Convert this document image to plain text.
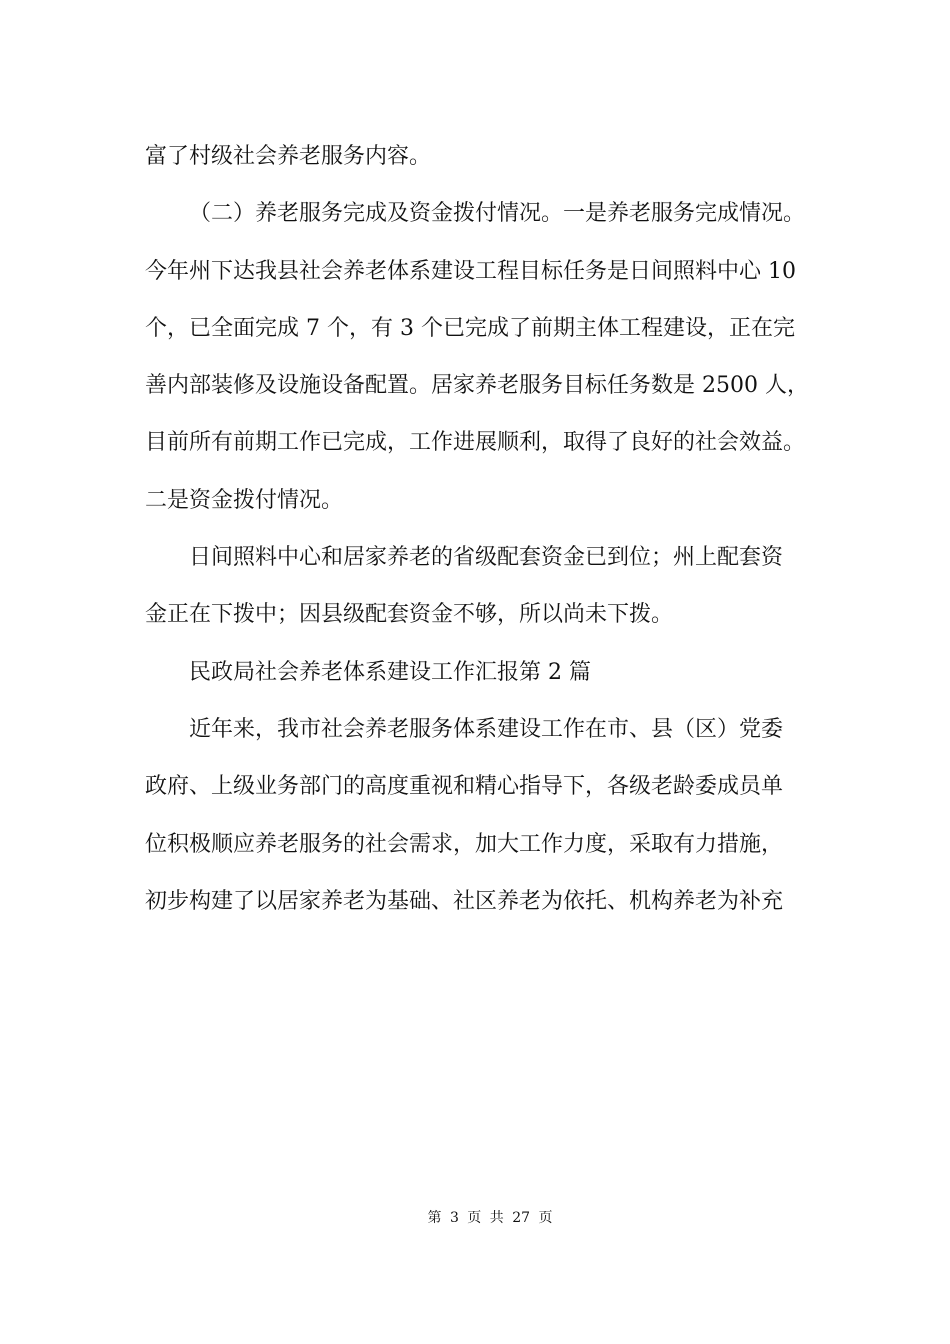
富了村级社会养老服务内容。
（二）养老服务完成及资金拨付情况。一是养老服务完成情况。
今年州下达我县社会养老体系建设工程目标任务是日间照料中心 10
个，已全面完成 7 个，有 3 个已完成了前期主体工程建设，正在完
善内部装修及设施设备配置。居家养老服务目标任务数是 2500 人，
目前所有前期工作已完成，工作进展顺利，取得了良好的社会效益。
二是资金拨付情况。
日间照料中心和居家养老的省级配套资金已到位；州上配套资
金正在下拨中；因县级配套资金不够，所以尚未下拨。
民政局社会养老体系建设工作汇报第 2 篇
近年来，我市社会养老服务体系建设工作在市、县（区）党委
政府、上级业务部门的高度重视和精心指导下，各级老龄委成员单
位积极顺应养老服务的社会需求，加大工作力度，采取有力措施，
初步构建了以居家养老为基础、社区养老为依托、机构养老为补充
第 3 页 共 27 页
